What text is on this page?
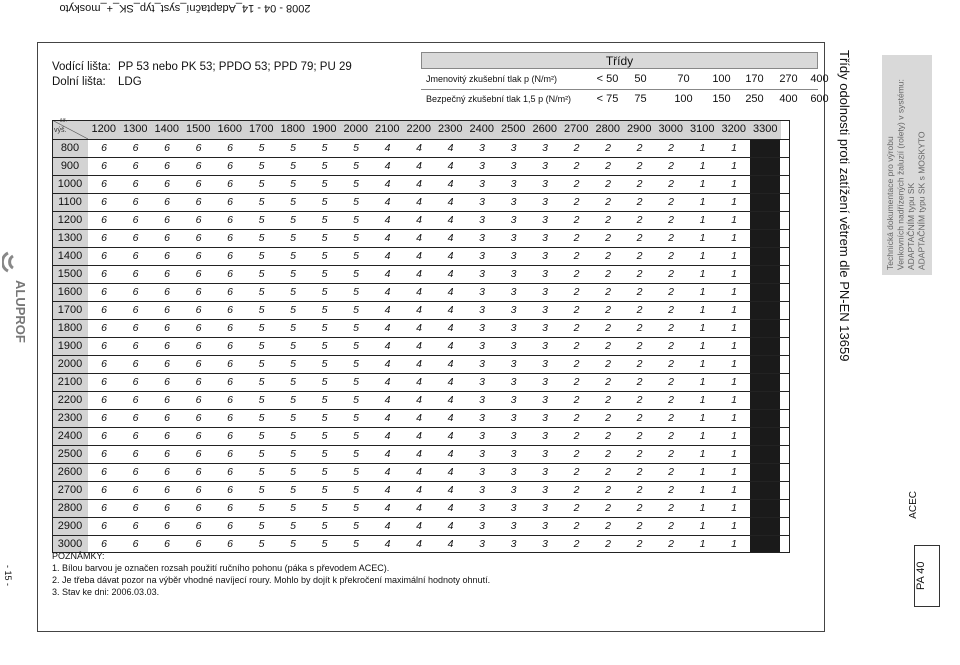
2008 - 04 - 14_Adaptační_syst_typ_SK_+_moskyto
ALUPROF
- 15 -
Vodící lišta: PP 53 nebo PK 53; PPDO 53; PPD 79; PU 29
Dolní lišta: LDG
Třídy
Jmenovitý zkušební tlak p (N/m²)	< 50	50	70	100	170	270	400
Bezpečný zkušební tlak 1,5 p (N/m²)	< 75	75	100	150	250	400	600
šíř.
výš.	1200 1300 1400 1500 1600 1700 1800 1900 2000 2100 2200 2300 2400 2500 2600 2700 2800 2900 3000 3100 3200 3300
800	6	6	6	6	6	5	5	5	5	4	4	4	3	3	3	2	2	2	2	1	1
900	6	6	6	6	6	5	5	5	5	4	4	4	3	3	3	2	2	2	2	1	1
1000	6	6	6	6	6	5	5	5	5	4	4	4	3	3	3	2	2	2	2	1	1
1100	6	6	6	6	6	5	5	5	5	4	4	4	3	3	3	2	2	2	2	1	1
1200	6	6	6	6	6	5	5	5	5	4	4	4	3	3	3	2	2	2	2	1	1
1300	6	6	6	6	6	5	5	5	5	4	4	4	3	3	3	2	2	2	2	1	1
1400	6	6	6	6	6	5	5	5	5	4	4	4	3	3	3	2	2	2	2	1	1
1500	6	6	6	6	6	5	5	5	5	4	4	4	3	3	3	2	2	2	2	1	1
1600	6	6	6	6	6	5	5	5	5	4	4	4	3	3	3	2	2	2	2	1	1
1700	6	6	6	6	6	5	5	5	5	4	4	4	3	3	3	2	2	2	2	1	1
1800	6	6	6	6	6	5	5	5	5	4	4	4	3	3	3	2	2	2	2	1	1
1900	6	6	6	6	6	5	5	5	5	4	4	4	3	3	3	2	2	2	2	1	1
2000	6	6	6	6	6	5	5	5	5	4	4	4	3	3	3	2	2	2	2	1	1
2100	6	6	6	6	6	5	5	5	5	4	4	4	3	3	3	2	2	2	2	1	1
2200	6	6	6	6	6	5	5	5	5	4	4	4	3	3	3	2	2	2	2	1	1
2300	6	6	6	6	6	5	5	5	5	4	4	4	3	3	3	2	2	2	2	1	1
2400	6	6	6	6	6	5	5	5	5	4	4	4	3	3	3	2	2	2	2	1	1
2500	6	6	6	6	6	5	5	5	5	4	4	4	3	3	3	2	2	2	2	1	1
2600	6	6	6	6	6	5	5	5	5	4	4	4	3	3	3	2	2	2	2	1	1
2700	6	6	6	6	6	5	5	5	5	4	4	4	3	3	3	2	2	2	2	1	1
2800	6	6	6	6	6	5	5	5	5	4	4	4	3	3	3	2	2	2	2	1	1
2900	6	6	6	6	6	5	5	5	5	4	4	4	3	3	3	2	2	2	2	1	1
3000	6	6	6	6	6	5	5	5	5	4	4	4	3	3	3	2	2	2	2	1	1
POZNÁMKY:
1. Bílou barvou je označen rozsah použití ručního pohonu (páka s převodem ACEC).
2. Je třeba dávat pozor na výběr vhodné navíjecí roury. Mohlo by dojít k překročení maximální hodnoty ohnutí.
3. Stav ke dni: 2006.03.03.
Třídy odolnosti proti zatížení větrem dle PN-EN 13659	Technická dokumentace pro výrobu Venkovních nadřízených žaluzií (rolety) v systému: ADAPTAČNÍM typu SK ADAPTAČNÍM typu SK s MOSKYTO
ACEC
PA 40
